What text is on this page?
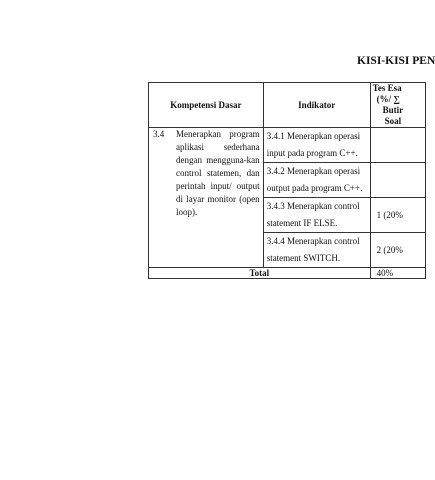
KISI-KISI PEN
Kompetensi Dasar	Indikator	Tes Esa
(%/ ∑
Butir
Soal

3.4 Menerapkan program aplikasi sederhana dengan mengguna-kan control statemen, dan perintah input/ output di layar monitor (open loop).	3.4.1 Menerapkan operasi input pada program C++.	

	3.4.2 Menerapkan operasi output pada program C++.	

	3.4.3 Menerapkan control statement IF ELSE.	1 (20%

	3.4.4 Menerapkan control statement SWITCH.	2 (20%
Total		40%
